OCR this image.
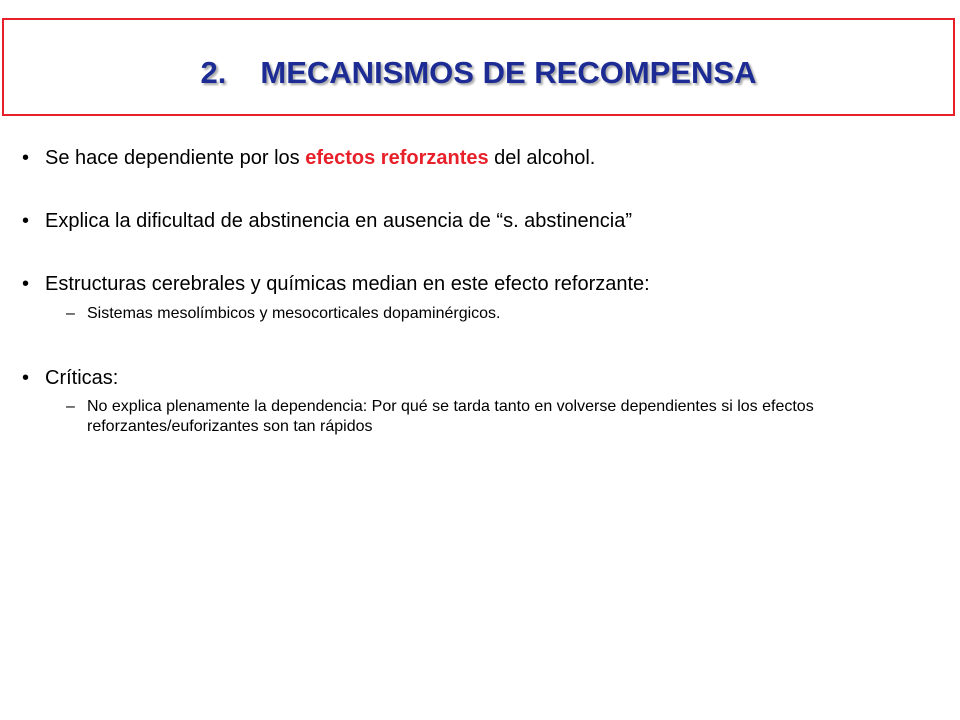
2. MECANISMOS DE RECOMPENSA
• Se hace dependiente por los efectos reforzantes del alcohol.
• Explica la dificultad de abstinencia en ausencia de “s. abstinencia”
• Estructuras cerebrales y químicas median en este efecto reforzante:
– Sistemas mesolímbicos y mesocorticales dopaminérgicos.
• Críticas:
– No explica plenamente la dependencia: Por qué se tarda tanto en volverse dependientes si los efectos reforzantes/euforizantes son tan rápidos
